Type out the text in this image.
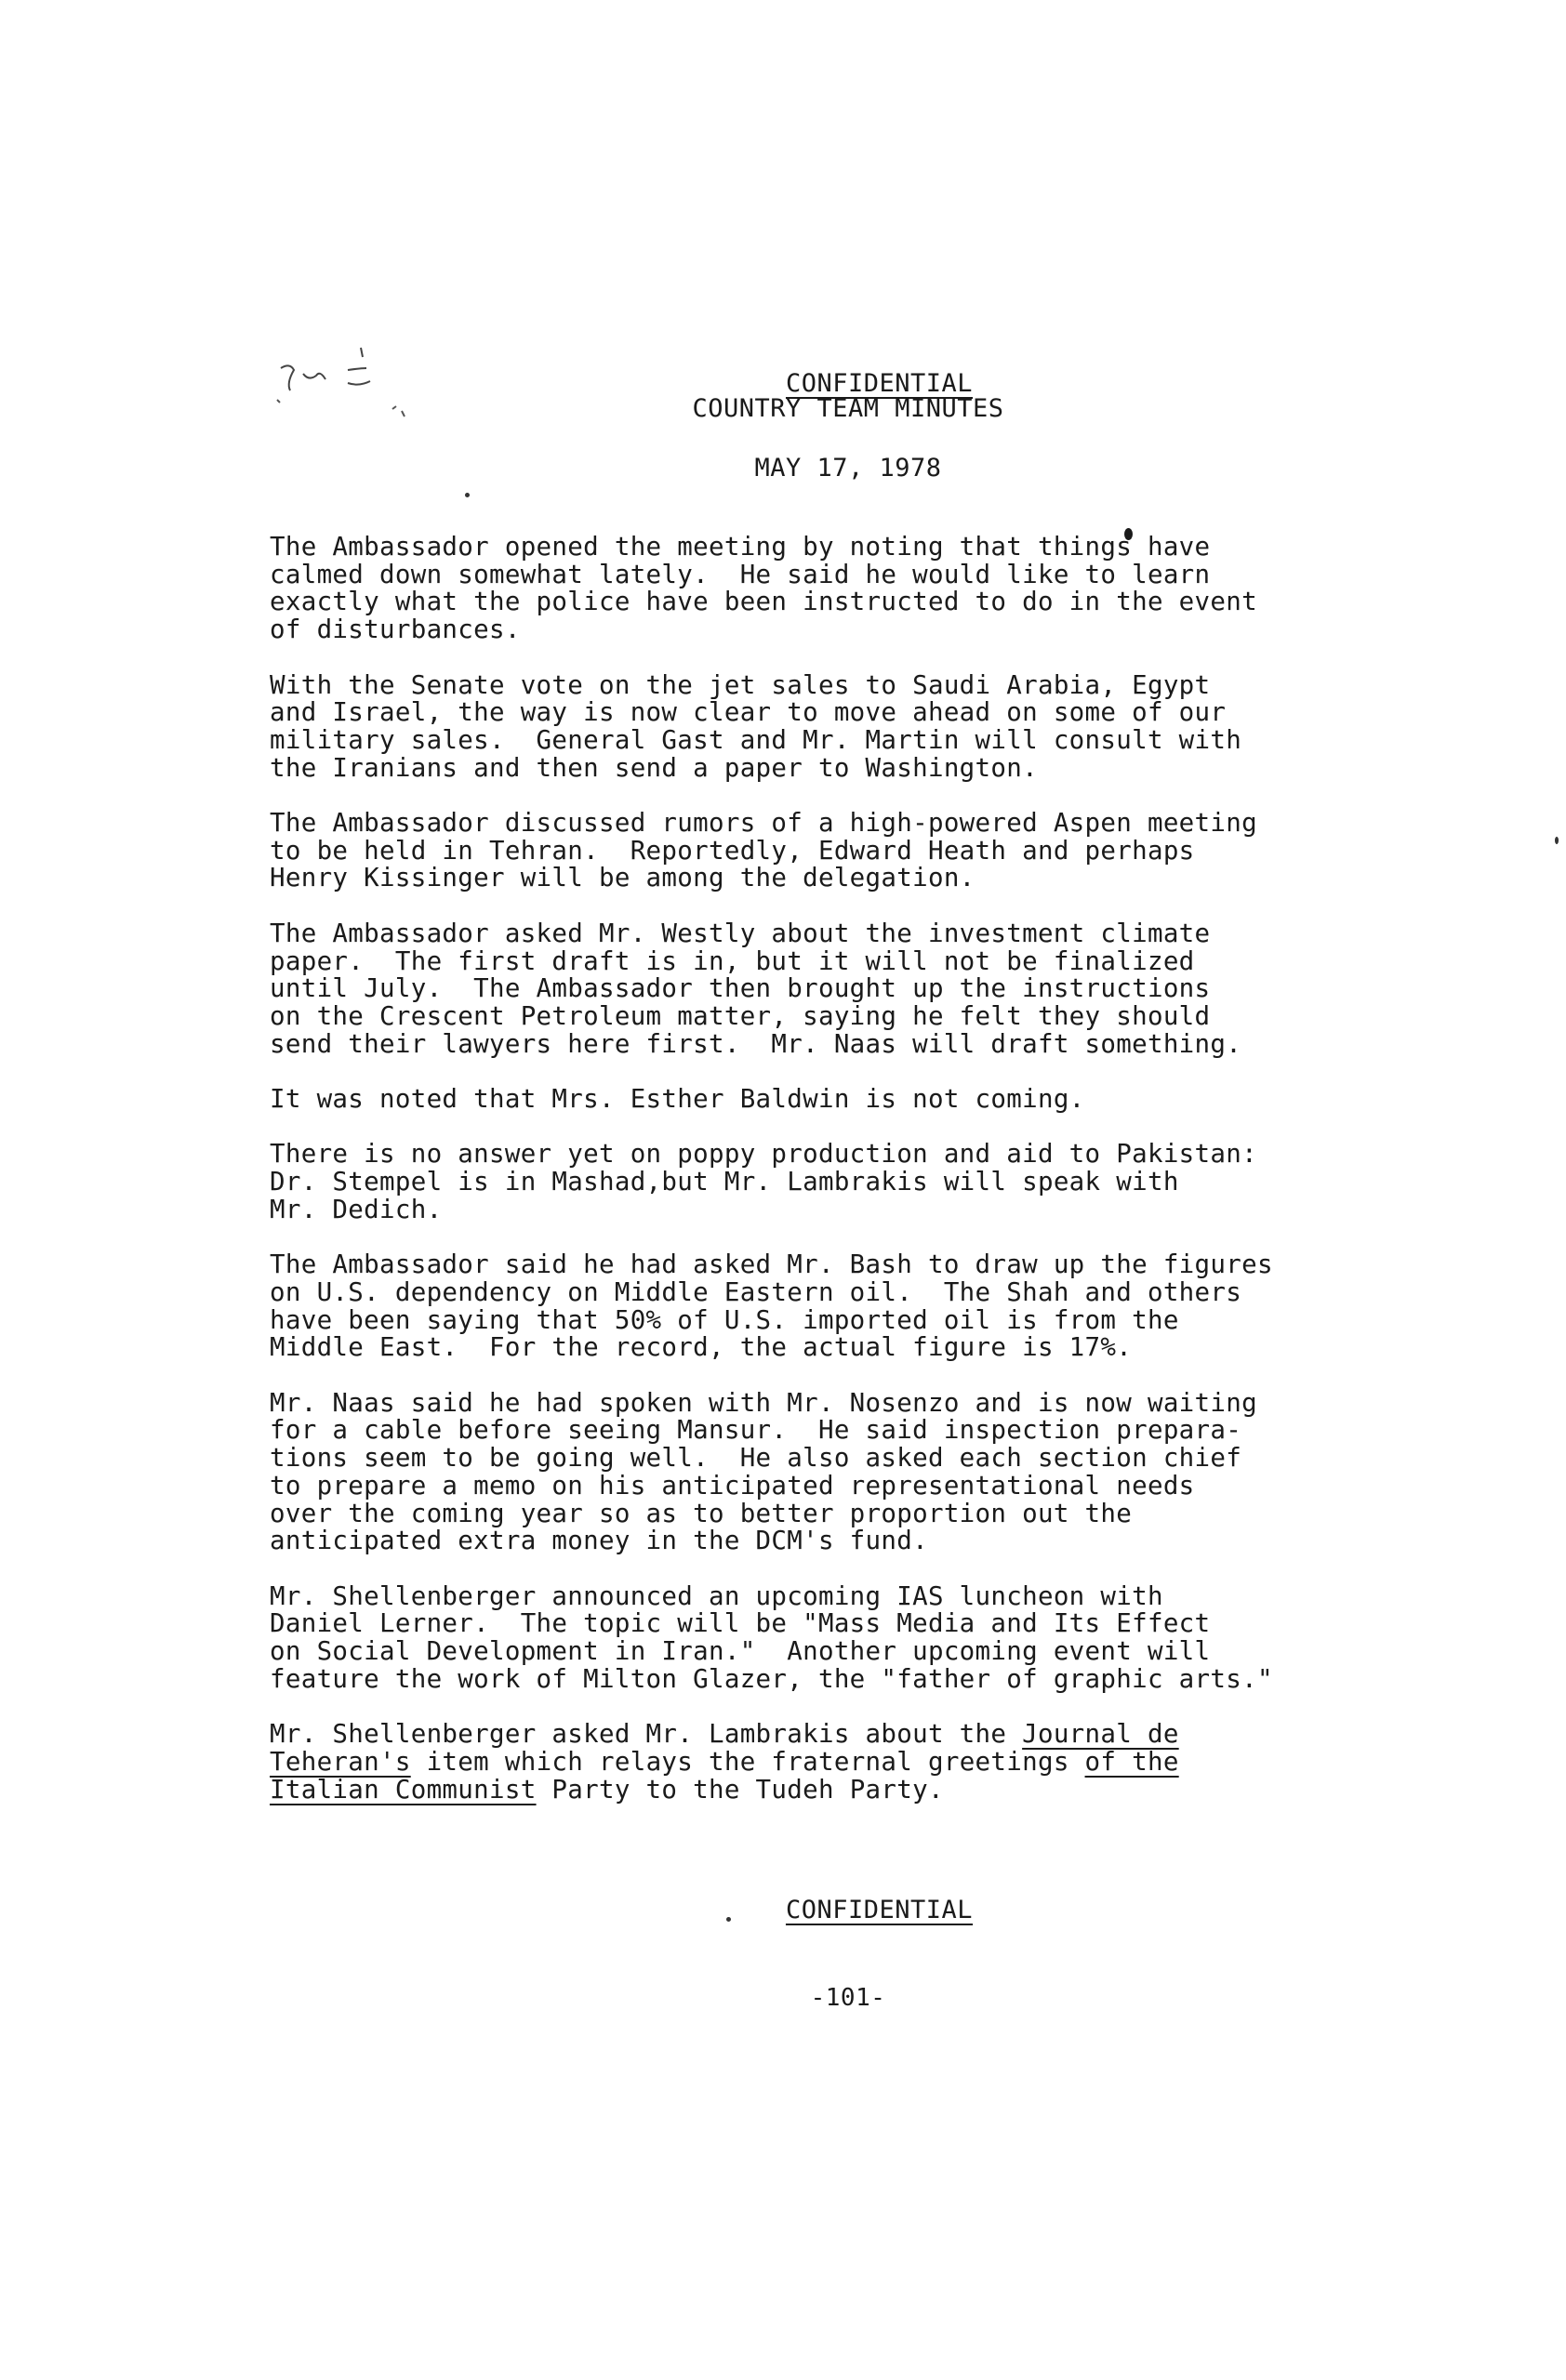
CONFIDENTIAL

COUNTRY TEAM MINUTES
MAY 17, 1978

The Ambassador opened the meeting by noting that things have
calmed down somewhat lately.  He said he would like to learn
exactly what the police have been instructed to do in the event
of disturbances.

With the Senate vote on the jet sales to Saudi Arabia, Egypt
and Israel, the way is now clear to move ahead on some of our
military sales.  General Gast and Mr. Martin will consult with
the Iranians and then send a paper to Washington.

The Ambassador discussed rumors of a high-powered Aspen meeting
to be held in Tehran.  Reportedly, Edward Heath and perhaps
Henry Kissinger will be among the delegation.

The Ambassador asked Mr. Westly about the investment climate
paper.  The first draft is in, but it will not be finalized
until July.  The Ambassador then brought up the instructions
on the Crescent Petroleum matter, saying he felt they should
send their lawyers here first.  Mr. Naas will draft something.

It was noted that Mrs. Esther Baldwin is not coming.

There is no answer yet on poppy production and aid to Pakistan:
Dr. Stempel is in Mashad,but Mr. Lambrakis will speak with
Mr. Dedich.

The Ambassador said he had asked Mr. Bash to draw up the figures
on U.S. dependency on Middle Eastern oil.  The Shah and others
have been saying that 50% of U.S. imported oil is from the
Middle East.  For the record, the actual figure is 17%.

Mr. Naas said he had spoken with Mr. Nosenzo and is now waiting
for a cable before seeing Mansur.  He said inspection prepara-
tions seem to be going well.  He also asked each section chief
to prepare a memo on his anticipated representational needs
over the coming year so as to better proportion out the
anticipated extra money in the DCM's fund.

Mr. Shellenberger announced an upcoming IAS luncheon with
Daniel Lerner.  The topic will be "Mass Media and Its Effect
on Social Development in Iran."  Another upcoming event will
feature the work of Milton Glazer, the "father of graphic arts."

Mr. Shellenberger asked Mr. Lambrakis about the Journal de
Teheran's item which relays the fraternal greetings of the
Italian Communist Party to the Tudeh Party.

CONFIDENTIAL

-101-
